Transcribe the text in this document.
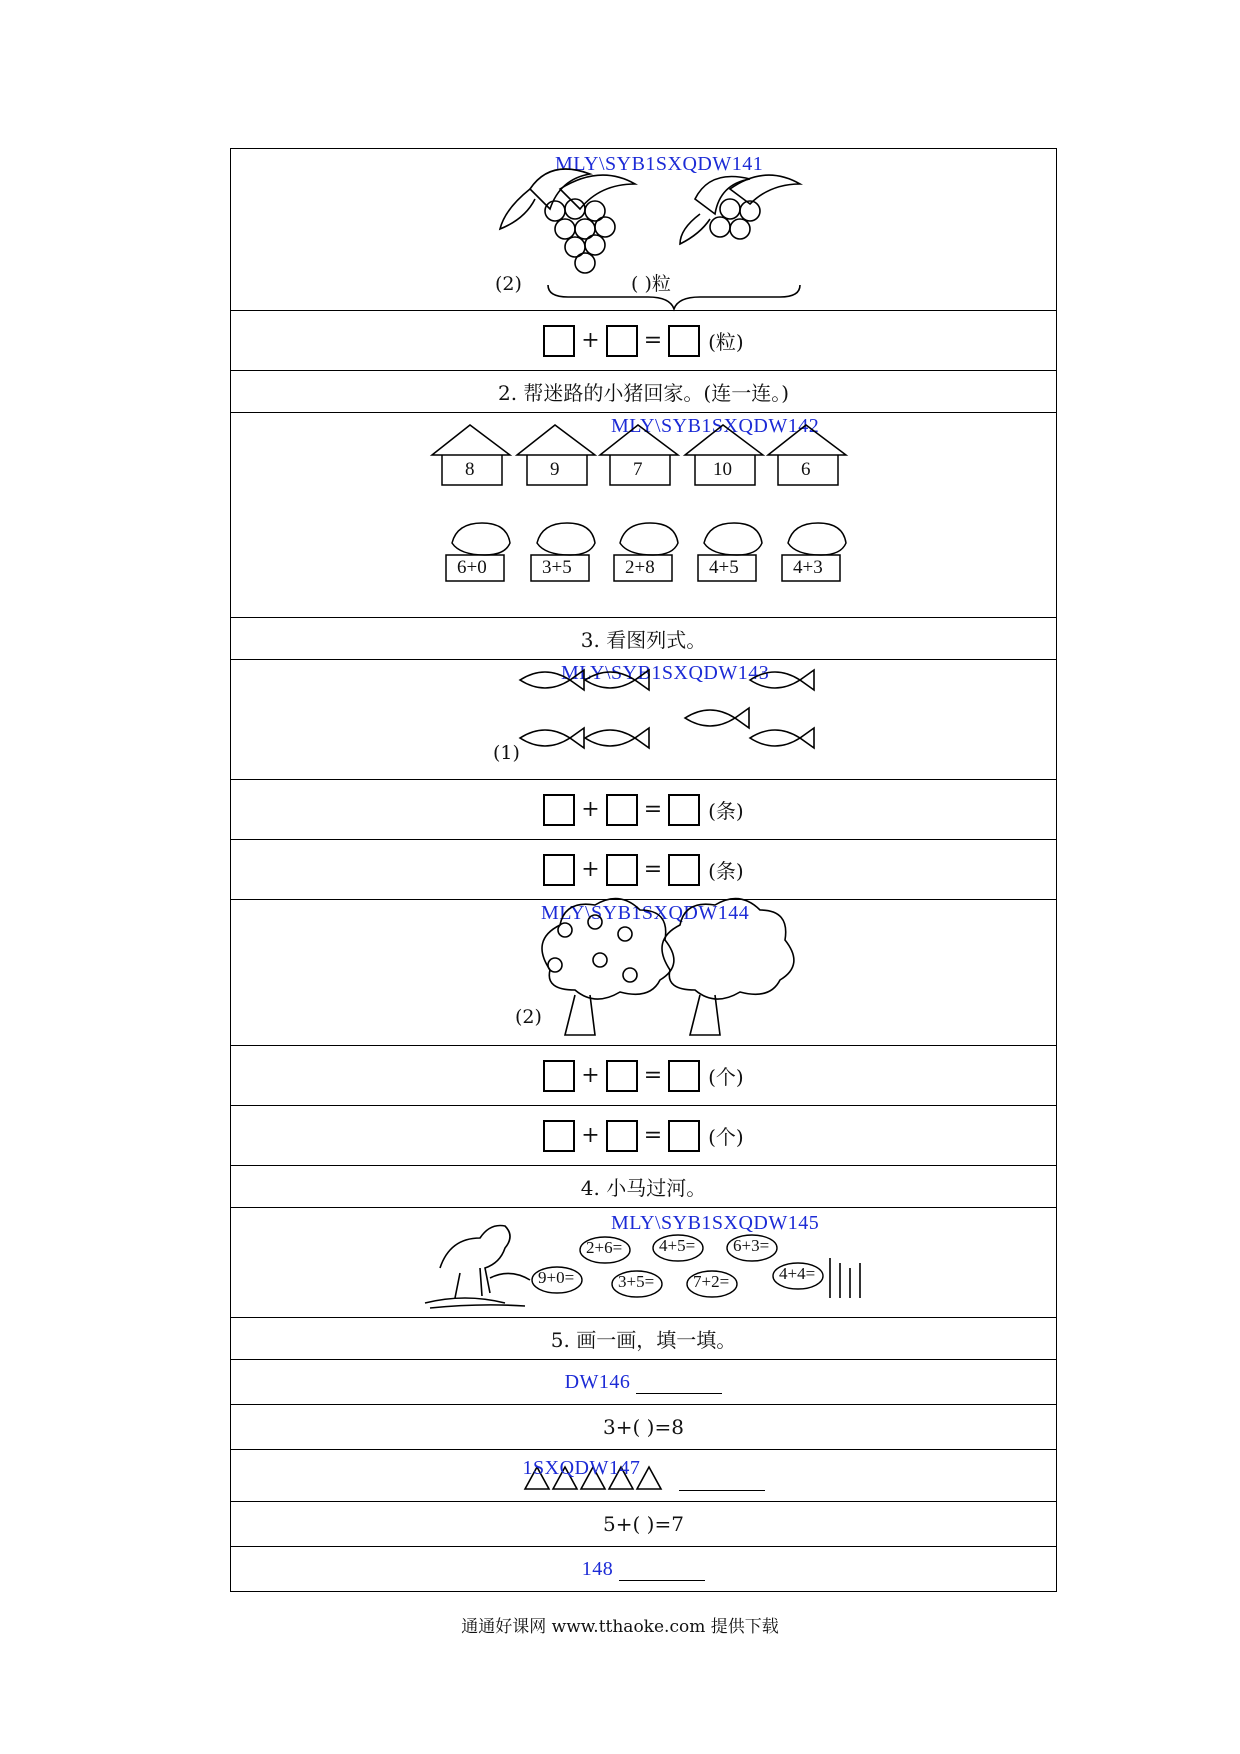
MLY\SYB1SXQDW141
(2)	( )粒
+ = (粒)
2. 帮迷路的小猪回家。(连一连。)
MLY\SYB1SXQDW142
8	9	7	10	6
6+0	3+5	2+8	4+5	4+3
3. 看图列式。
MLY\SYB1SXQDW143
(1)
+ = (条)
+ = (条)
MLY\SYB1SXQDW144
(2)
+ = (个)
+ = (个)
4. 小马过河。
MLY\SYB1SXQDW145
2+6= 4+5= 6+3=
4+4=
9+0=	3+5= 7+2=
5. 画一画，填一填。
DW146
3+( )=8
1SXQDW147
5+( )=7
148
通通好课网 www.tthaoke.com 提供下载
